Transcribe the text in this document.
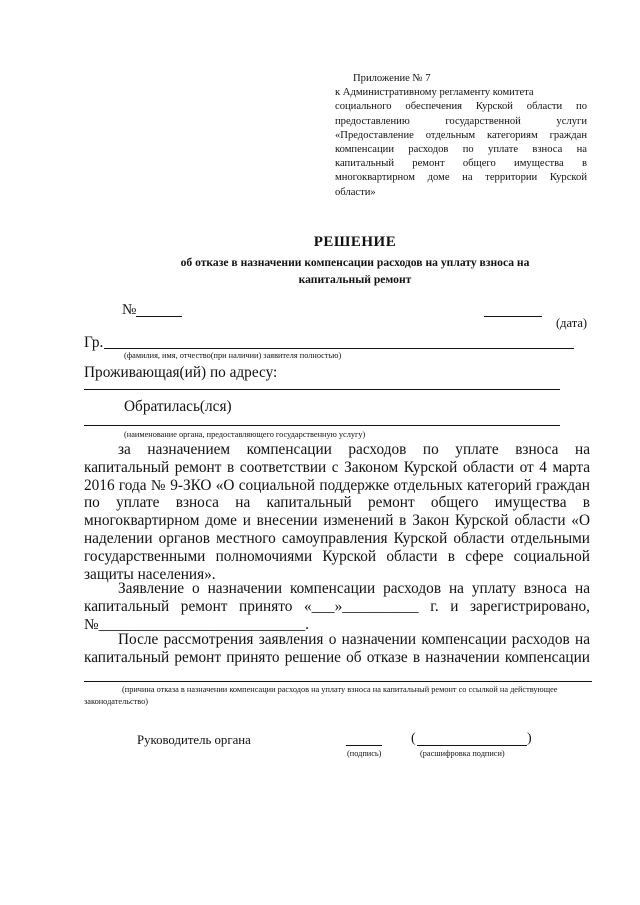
Приложение № 7
к Административному регламенту комитета
социального обеспечения Курской области по
предоставлению государственной услуги
«Предоставление отдельным категориям граждан
компенсации расходов по уплате взноса на
капитальный ремонт общего имущества в
многоквартирном доме на территории Курской
области»
РЕШЕНИЕ
об отказе в назначении компенсации расходов на уплату взноса на капитальный ремонт
№
(дата)
Гр.
(фамилия, имя, отчество(при наличии) заявителя полностью)
Проживающая(ий) по адресу:
Обратилась(лся)
(наименование органа, предоставляющего государственную услугу)
за назначением компенсации расходов по уплате взноса на
капитальный ремонт в соответствии с Законом Курской области от 4 марта
2016 года № 9-ЗКО «О социальной поддержке отдельных категорий граждан
по уплате взноса на капитальный ремонт общего имущества в
многоквартирном доме и внесении изменений в Закон Курской области «О
наделении органов местного самоуправления Курской области отдельными
государственными полномочиями Курской области в сфере социальной
защиты населения».
Заявление о назначении компенсации расходов на уплату взноса на
капитальный ремонт принято «___»__________ г. и зарегистрировано,
№___________________________.
После рассмотрения заявления о назначении компенсации расходов на
капитальный ремонт принято решение об отказе в назначении компенсации
(причина отказа в назначении компенсации расходов на уплату взноса на капитальный ремонт со ссылкой на действующее
законодательство)
Руководитель органа
(подпись)
(	)
(расшифровка подписи)
